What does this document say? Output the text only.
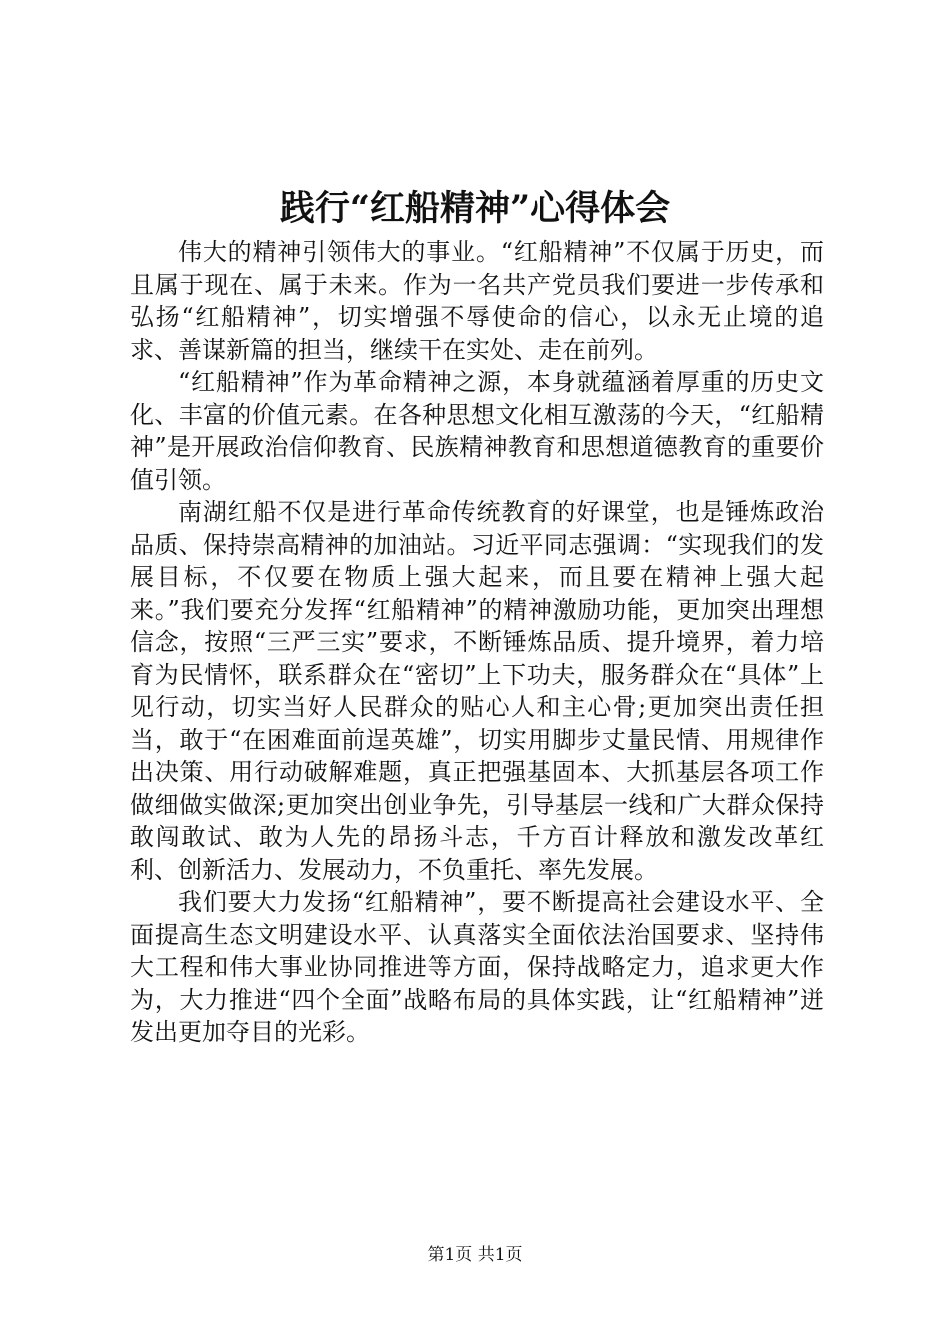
践行“红船精神”心得体会

伟大的精神引领伟大的事业。“红船精神”不仅属于历史，而且属于现在、属于未来。作为一名共产党员我们要进一步传承和弘扬“红船精神”，切实增强不辱使命的信心，以永无止境的追求、善谋新篇的担当，继续干在实处、走在前列。

“红船精神”作为革命精神之源，本身就蕴涵着厚重的历史文化、丰富的价值元素。在各种思想文化相互激荡的今天，“红船精神”是开展政治信仰教育、民族精神教育和思想道德教育的重要价值引领。

南湖红船不仅是进行革命传统教育的好课堂，也是锤炼政治品质、保持崇高精神的加油站。习近平同志强调：“实现我们的发展目标，不仅要在物质上强大起来，而且要在精神上强大起来。”我们要充分发挥“红船精神”的精神激励功能，更加突出理想信念，按照“三严三实”要求，不断锤炼品质、提升境界，着力培育为民情怀，联系群众在“密切”上下功夫，服务群众在“具体”上见行动，切实当好人民群众的贴心人和主心骨;更加突出责任担当，敢于“在困难面前逞英雄”，切实用脚步丈量民情、用规律作出决策、用行动破解难题，真正把强基固本、大抓基层各项工作做细做实做深;更加突出创业争先，引导基层一线和广大群众保持敢闯敢试、敢为人先的昂扬斗志，千方百计释放和激发改革红利、创新活力、发展动力，不负重托、率先发展。

我们要大力发扬“红船精神”，要不断提高社会建设水平、全面提高生态文明建设水平、认真落实全面依法治国要求、坚持伟大工程和伟大事业协同推进等方面，保持战略定力，追求更大作为，大力推进“四个全面”战略布局的具体实践，让“红船精神”迸发出更加夺目的光彩。

第1页 共1页
